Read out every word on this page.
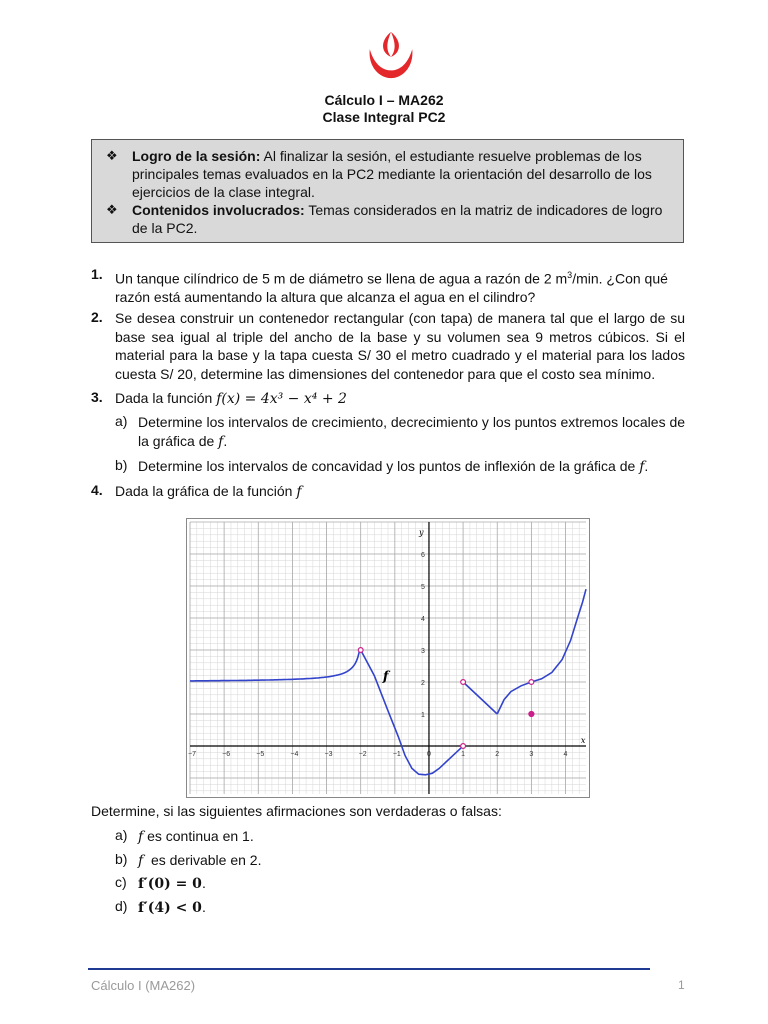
Cálculo I – MA262
Clase Integral PC2
❖ Logro de la sesión: Al finalizar la sesión, el estudiante resuelve problemas de los
principales temas evaluados en la PC2 mediante la orientación del desarrollo de los
ejercicios de la clase integral.
❖ Contenidos involucrados: Temas considerados en la matriz de indicadores de logro
de la PC2.
1. Un tanque cilíndrico de 5 m de diámetro se llena de agua a razón de 2 $m^3/\min$. ¿Con qué
razón está aumentando la altura que alcanza el agua en el cilindro?
2. Se desea construir un contenedor rectangular (con tapa) de manera tal que el largo de su base sea igual al triple del ancho de la base y su volumen sea 9 metros cúbicos. Si el material para la base y la tapa cuesta S/ 30 el metro cuadrado y el material para los lados cuesta S/ 20, determine las dimensiones del contenedor para que el costo sea mínimo.
3. Dada la función f(x) = 4x³ − x⁴ + 2
a) Determine los intervalos de crecimiento, decrecimiento y los puntos extremos locales de
la gráfica de f.
b) Determine los intervalos de concavidad y los puntos de inflexión de la gráfica de f.
4. Dada la gráfica de la función f
−7	−6	−5	−4	−3	−2	−1	0	1	2	3	4
1
2
3
4
5
6
x
y
f
Determine, si las siguientes afirmaciones son verdaderas o falsas:
a) f es continua en 1.
b) f  es derivable en 2.
c) f′(0) = 0.
d) f′(4) < 0.
Cálculo I (MA262)	1
